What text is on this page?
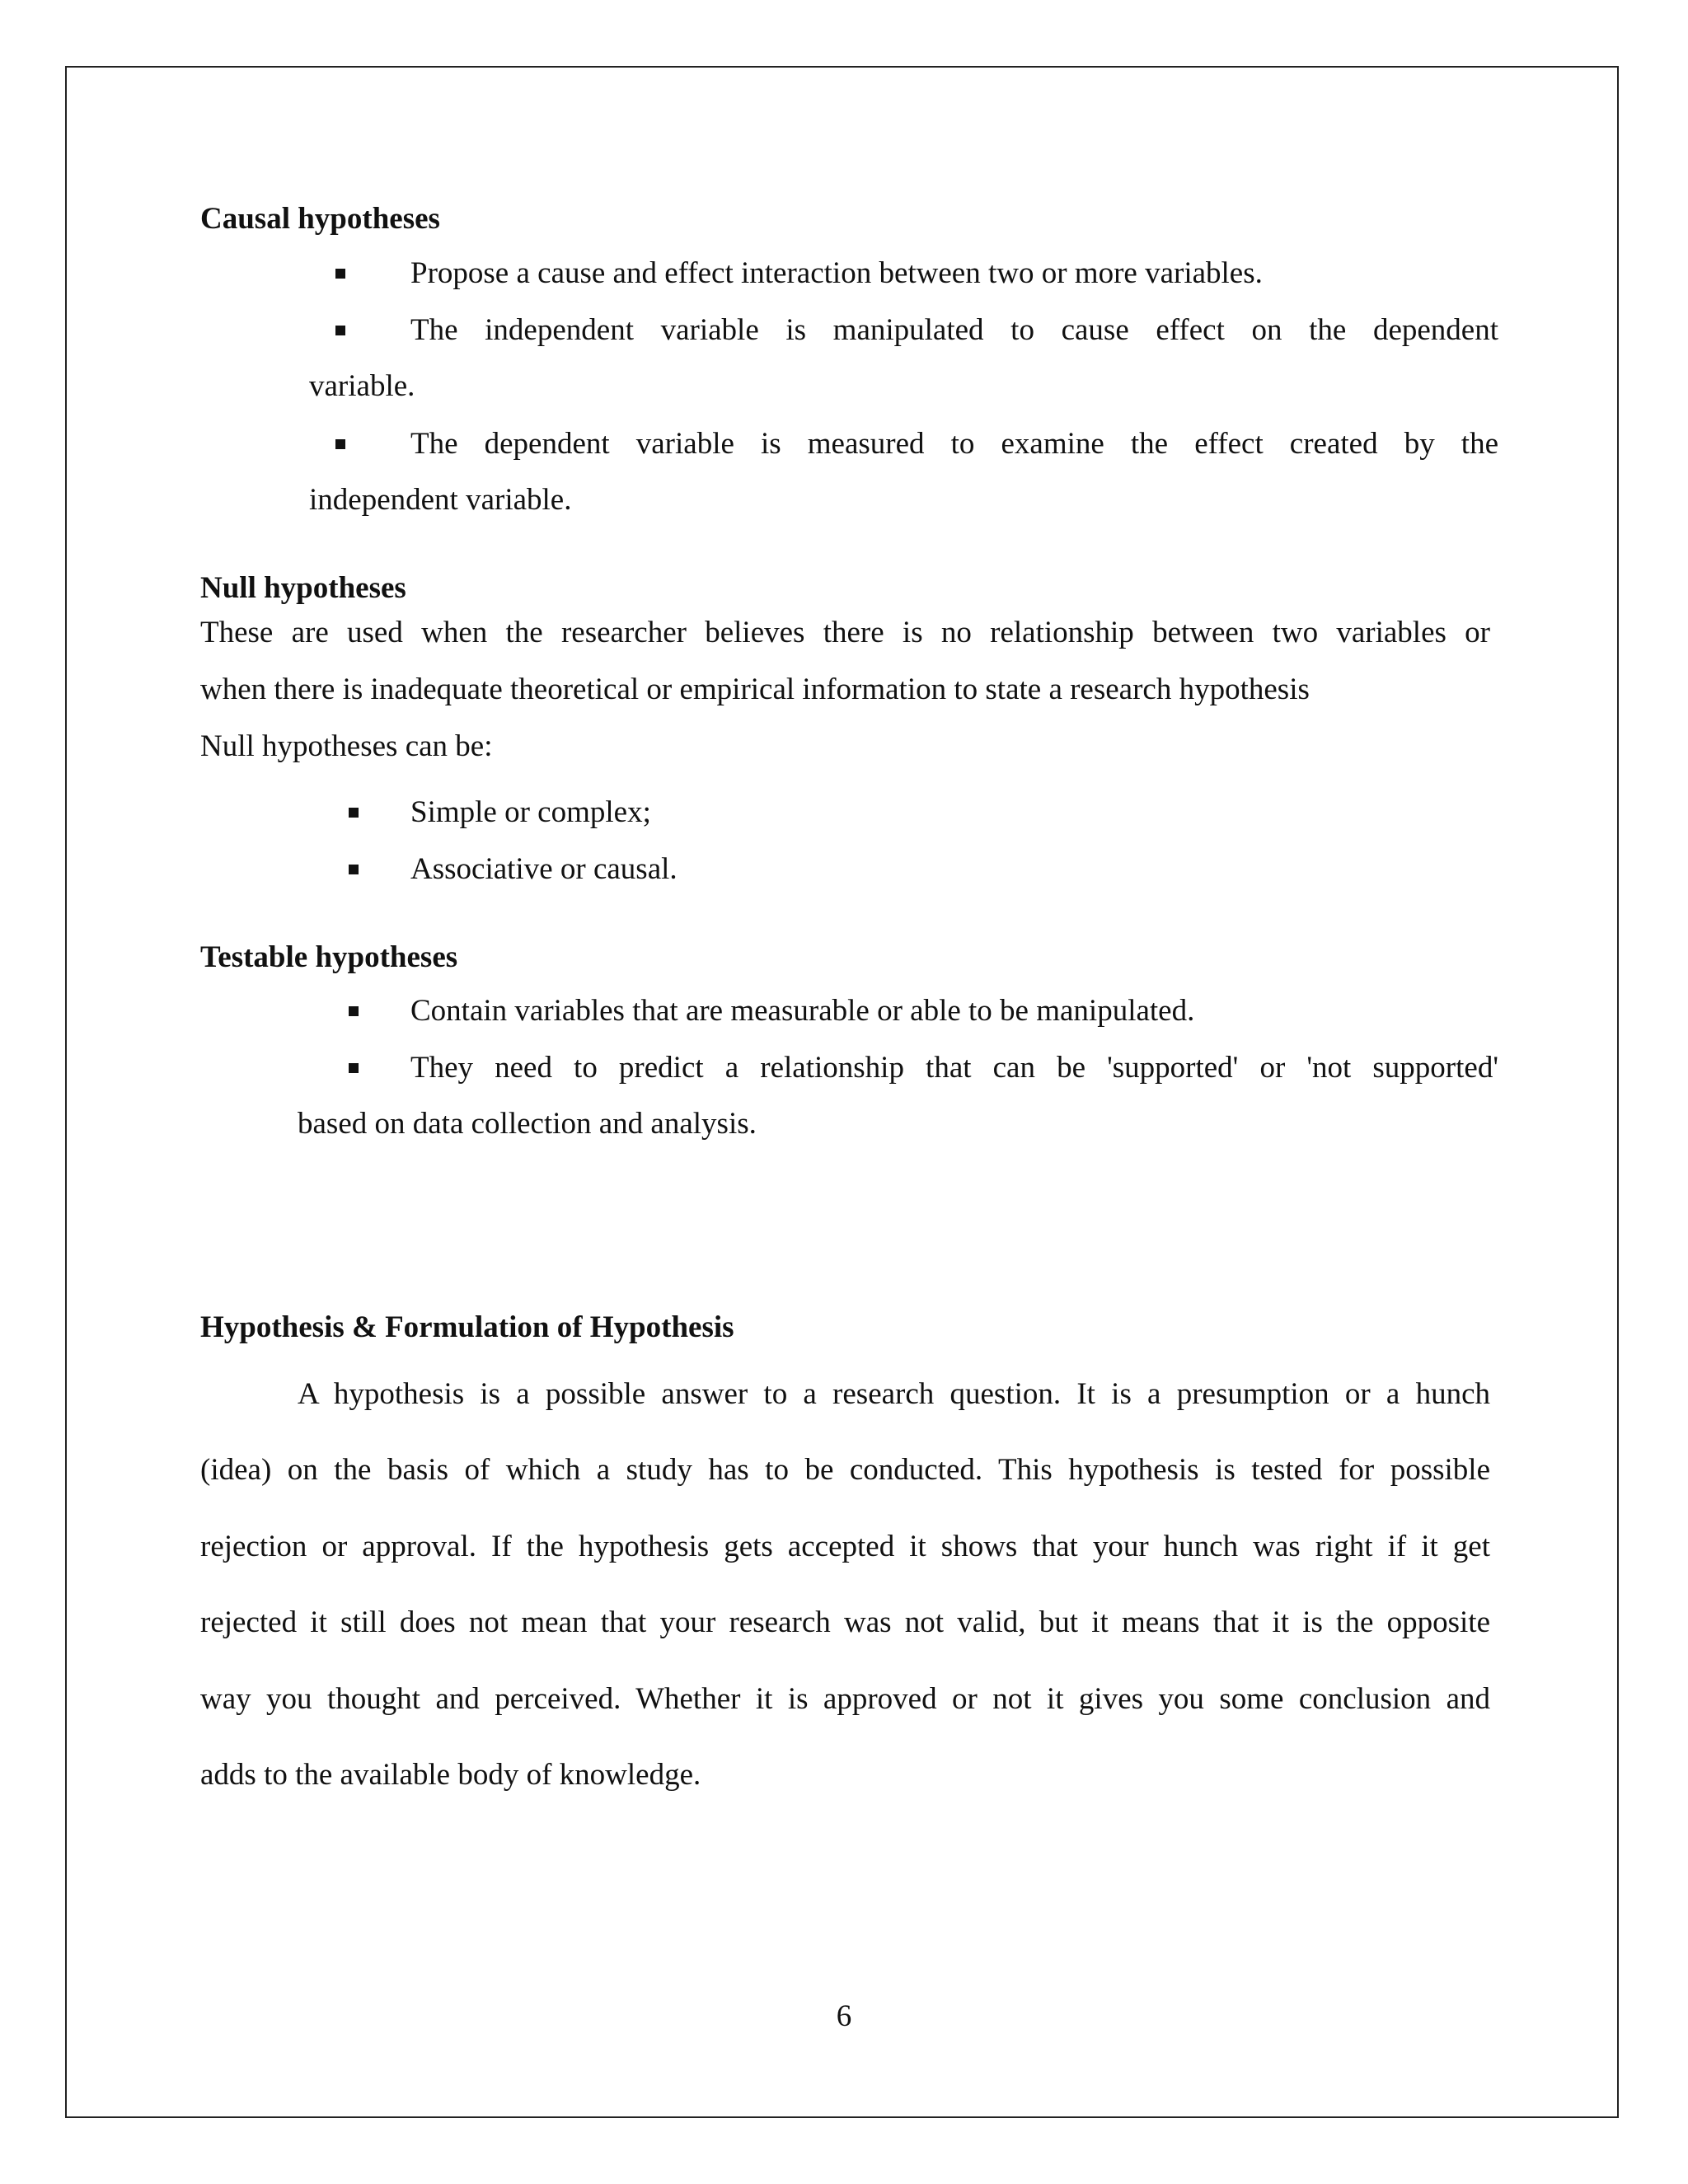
Causal hypotheses
Propose a cause and effect interaction between two or more variables.
The independent variable is manipulated to cause effect on the dependent
variable.
The dependent variable is measured to examine the effect created by the
independent variable.
Null hypotheses
These are used when the researcher believes there is no relationship between two variables or
when there is inadequate theoretical or empirical information to state a research hypothesis
Null hypotheses can be:
Simple or complex;
Associative or causal.
Testable hypotheses
Contain variables that are measurable or able to be manipulated.
They need to predict a relationship that can be 'supported' or 'not supported'
based on data collection and analysis.
Hypothesis & Formulation of Hypothesis
A hypothesis is a possible answer to a research question. It is a presumption or a hunch
(idea) on the basis of which a study has to be conducted. This hypothesis is tested for possible
rejection or approval. If the hypothesis gets accepted it shows that your hunch was right if it get
rejected it still does not mean that your research was not valid, but it means that it is the opposite
way you thought and perceived. Whether it is approved or not it gives you some conclusion and
adds to the available body of knowledge.
6
